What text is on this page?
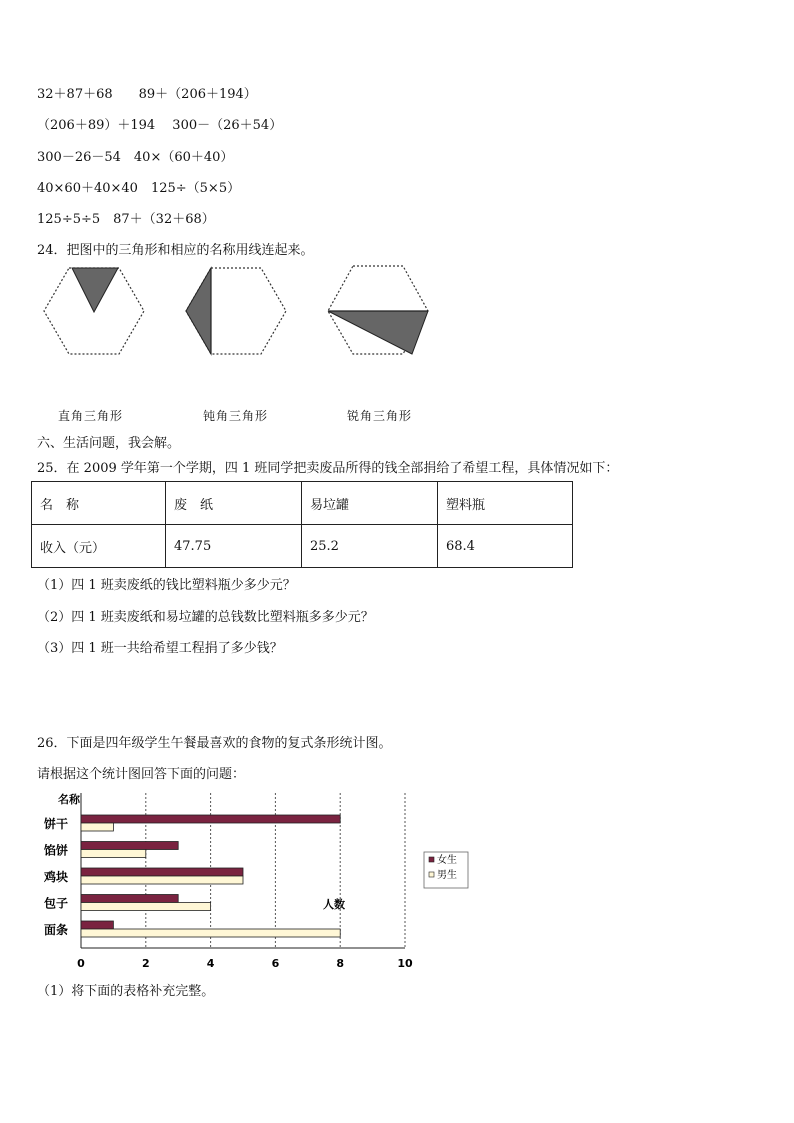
32＋87＋68　　89＋（206＋194）
（206＋89）＋194　 300－（26＋54）
300－26－54　40×（60＋40）
40×60＋40×40　125÷（5×5）
125÷5÷5　87＋（32＋68）
24．把图中的三角形和相应的名称用线连起来。
直角三角形	钝角三角形	锐角三角形
六、生活问题，我会解。
25．在 2009 学年第一个学期，四 1 班同学把卖废品所得的钱全部捐给了希望工程，具体情况如下：
名　称	废　纸	易垃罐	塑料瓶
收入（元）	47.75	25.2	68.4
（1）四 1 班卖废纸的钱比塑料瓶少多少元？
（2）四 1 班卖废纸和易垃罐的总钱数比塑料瓶多多少元？
（3）四 1 班一共给希望工程捐了多少钱？
26．下面是四年级学生午餐最喜欢的食物的复式条形统计图。
请根据这个统计图回答下面的问题：
0	2	4	6	8	10
名称
饼干
馅饼
鸡块
包子
面条
人数
女生
男生
（1）将下面的表格补充完整。
